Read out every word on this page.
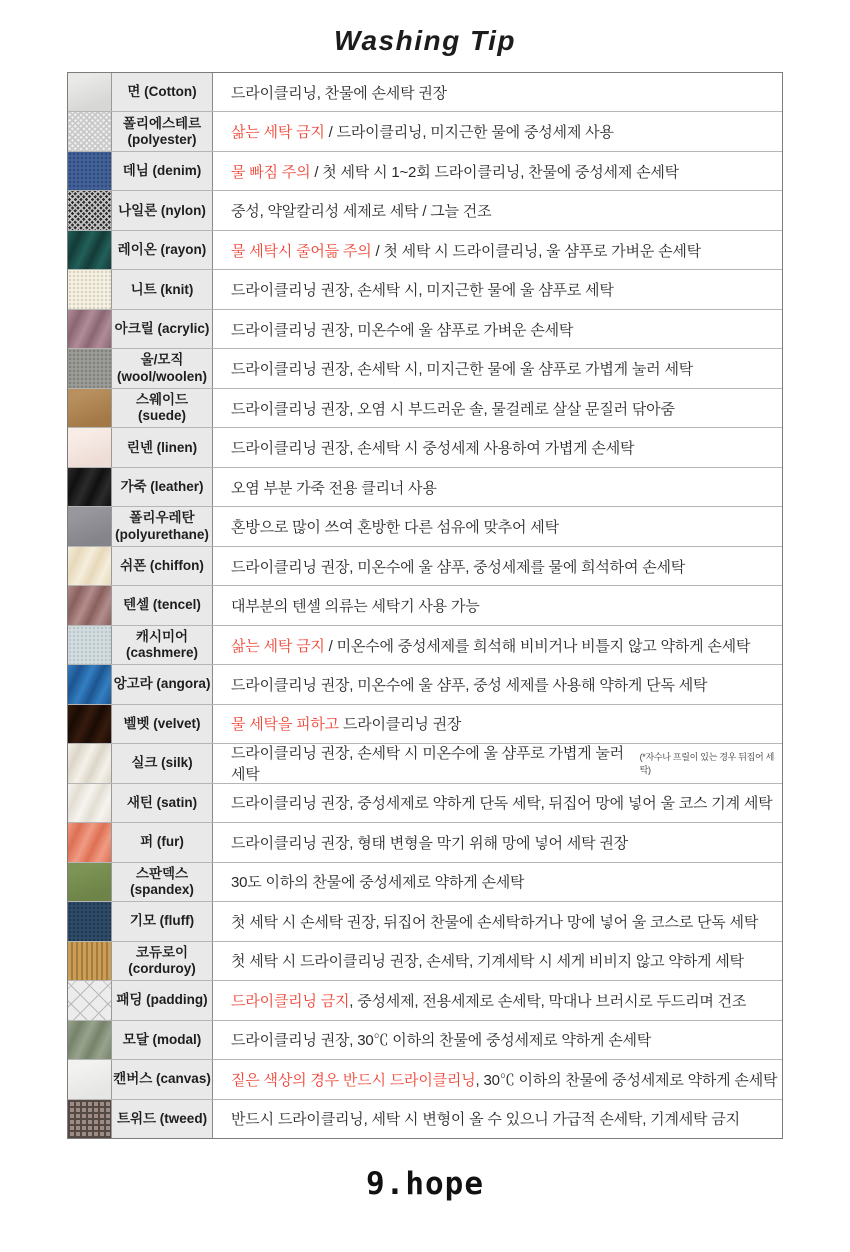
Washing Tip
면 (Cotton) 드라이클리닝, 찬물에 손세탁 권장
폴리에스테르
(polyester) 삶는 세탁 금지 / 드라이클리닝, 미지근한 물에 중성세제 사용
데님 (denim) 물 빠짐 주의 / 첫 세탁 시 1~2회 드라이클리닝, 찬물에 중성세제 손세탁
나일론 (nylon) 중성, 약알칼리성 세제로 세탁 / 그늘 건조
레이온 (rayon) 물 세탁시 줄어듦 주의 / 첫 세탁 시 드라이클리닝, 울 샴푸로 가벼운 손세탁
니트 (knit)	드라이클리닝 권장, 손세탁 시, 미지근한 물에 울 샴푸로 세탁
아크릴 (acrylic) 드라이클리닝 권장, 미온수에 울 샴푸로 가벼운 손세탁
울/모직
(wool/woolen) 드라이클리닝 권장, 손세탁 시, 미지근한 물에 울 샴푸로 가볍게 눌러 세탁
스웨이드
(suede)	드라이클리닝 권장, 오염 시 부드러운 솔, 물걸레로 살살 문질러 닦아줌
린넨 (linen) 드라이클리닝 권장, 손세탁 시 중성세제 사용하여 가볍게 손세탁
가죽 (leather) 오염 부분 가죽 전용 클리너 사용
폴리우레탄
(polyurethane) 혼방으로 많이 쓰여 혼방한 다른 섬유에 맞추어 세탁
쉬폰 (chiffon) 드라이클리닝 권장, 미온수에 울 샴푸, 중성세제를 물에 희석하여 손세탁
텐셀 (tencel) 대부분의 텐셀 의류는 세탁기 사용 가능
캐시미어
(cashmere) 삶는 세탁 금지 / 미온수에 중성세제를 희석해 비비거나 비틀지 않고 약하게 손세탁
앙고라 (angora) 드라이클리닝 권장, 미온수에 울 샴푸, 중성 세제를 사용해 약하게 단독 세탁
벨벳 (velvet) 물 세탁을 피하고 드라이클리닝 권장
실크 (silk)
드라이클리닝 권장, 손세탁 시 미온수에 울 샴푸로 가볍게 눌러 세탁
(*자수나 프릴이 있는 경우 뒤집어 세탁)
새틴 (satin) 드라이클리닝 권장, 중성세제로 약하게 단독 세탁, 뒤집어 망에 넣어 울 코스 기계 세탁
퍼 (fur)	드라이클리닝 권장, 형태 변형을 막기 위해 망에 넣어 세탁 권장
스판덱스
(spandex) 30도 이하의 찬물에 중성세제로 약하게 손세탁
기모 (fluff) 첫 세탁 시 손세탁 권장, 뒤집어 찬물에 손세탁하거나 망에 넣어 울 코스로 단독 세탁
코듀로이
(corduroy) 첫 세탁 시 드라이클리닝 권장, 손세탁, 기계세탁 시 세게 비비지 않고 약하게 세탁
패딩 (padding) 드라이클리닝 금지 , 중성세제, 전용세제로 손세탁, 막대나 브러시로 두드리며 건조
모달 (modal) 드라이클리닝 권장, 30℃ 이하의 찬물에 중성세제로 약하게 손세탁
캔버스 (canvas) 짙은 색상의 경우 반드시 드라이클리닝 , 30℃ 이하의 찬물에 중성세제로 약하게 손세탁
트위드 (tweed) 반드시 드라이클리닝, 세탁 시 변형이 올 수 있으니 가급적 손세탁, 기계세탁 금지
9.hope
